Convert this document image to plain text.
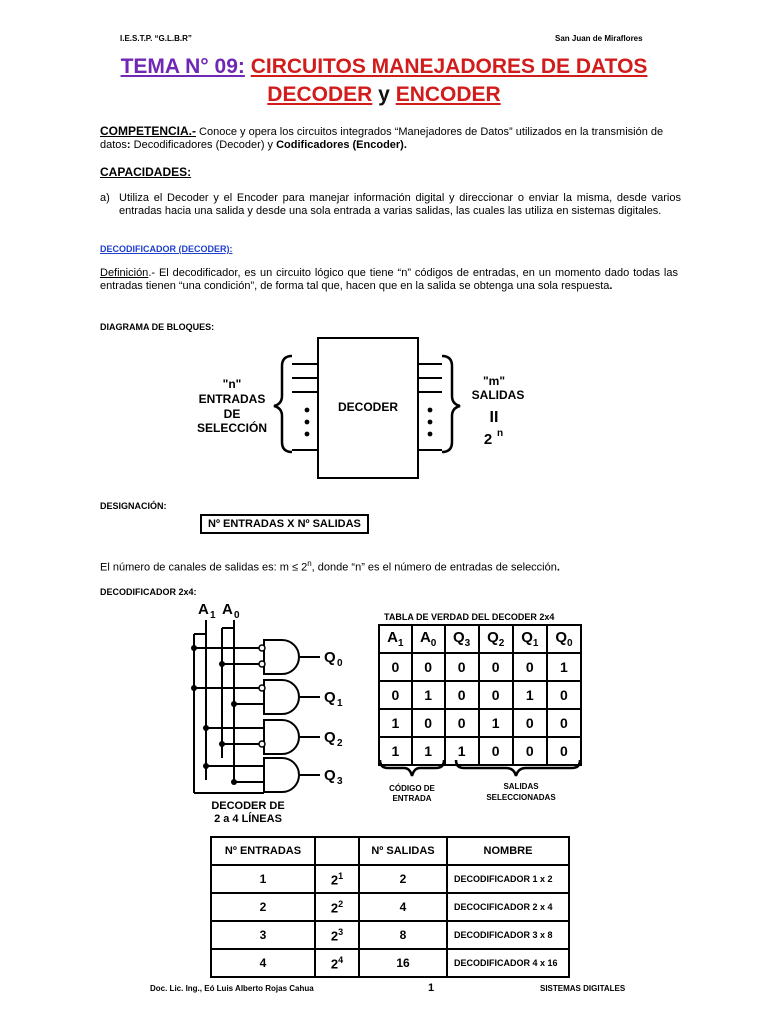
I.E.S.T.P. “G.L.B.R”	San Juan de Miraflores
TEMA N° 09: CIRCUITOS MANEJADORES DE DATOS
DECODER y ENCODER
COMPETENCIA.- Conoce y opera los circuitos integrados “Manejadores de Datos” utilizados en la transmisión de datos: Decodificadores (Decoder) y Codificadores (Encoder).
CAPACIDADES:
a) Utiliza el Decoder y el Encoder para manejar información digital y direccionar o enviar la misma, desde varios entradas hacia una salida y desde una sola entrada a varias salidas, las cuales las utiliza en sistemas digitales.
DECODIFICADOR (DECODER):
Definición.- El decodificador, es un circuito lógico que tiene “n” códigos de entradas, en un momento dado todas las entradas tienen “una condición”, de forma tal que, hacen que en la salida se obtenga una sola respuesta.
DIAGRAMA DE BLOQUES:
DECODER
"n"
ENTRADAS
DE
SELECCIÓN
"m"
SALIDAS
II
2 n
DESIGNACIÓN:
Nº ENTRADAS X Nº SALIDAS
El número de canales de salidas es: $m \le 2^n$, donde “n” es el número de entradas de selección.
DECODIFICADOR 2x4:
A 1 A 0
Q 0
Q 1
Q 2
Q 3
DECODER DE
2 a 4 LÍNEAS
TABLA DE VERDAD DEL DECODER 2x4
$A_1$	$A_0$	$Q_3$	$Q_2$	$Q_1$	$Q_0$
0	0	0	0	0	1
0	1	0	0	1	0
1	0	0	1	0	0
1	1	1	0	0	0
CÓDIGO DE
ENTRADA
SALIDAS
SELECCIONADAS
Nº ENTRADAS		Nº SALIDAS	NOMBRE
1	$2^1$	2	DECODIFICADOR 1 x 2
2	$2^2$	4	DECOCIFICADOR 2 x 4
3	$2^3$	8	DECODIFICADOR 3 x 8
4	$2^4$	16	DECODIFICADOR 4 x 16
Doc. Lic. Ing., Eó Luis Alberto Rojas Cahua	1	SISTEMAS DIGITALES
